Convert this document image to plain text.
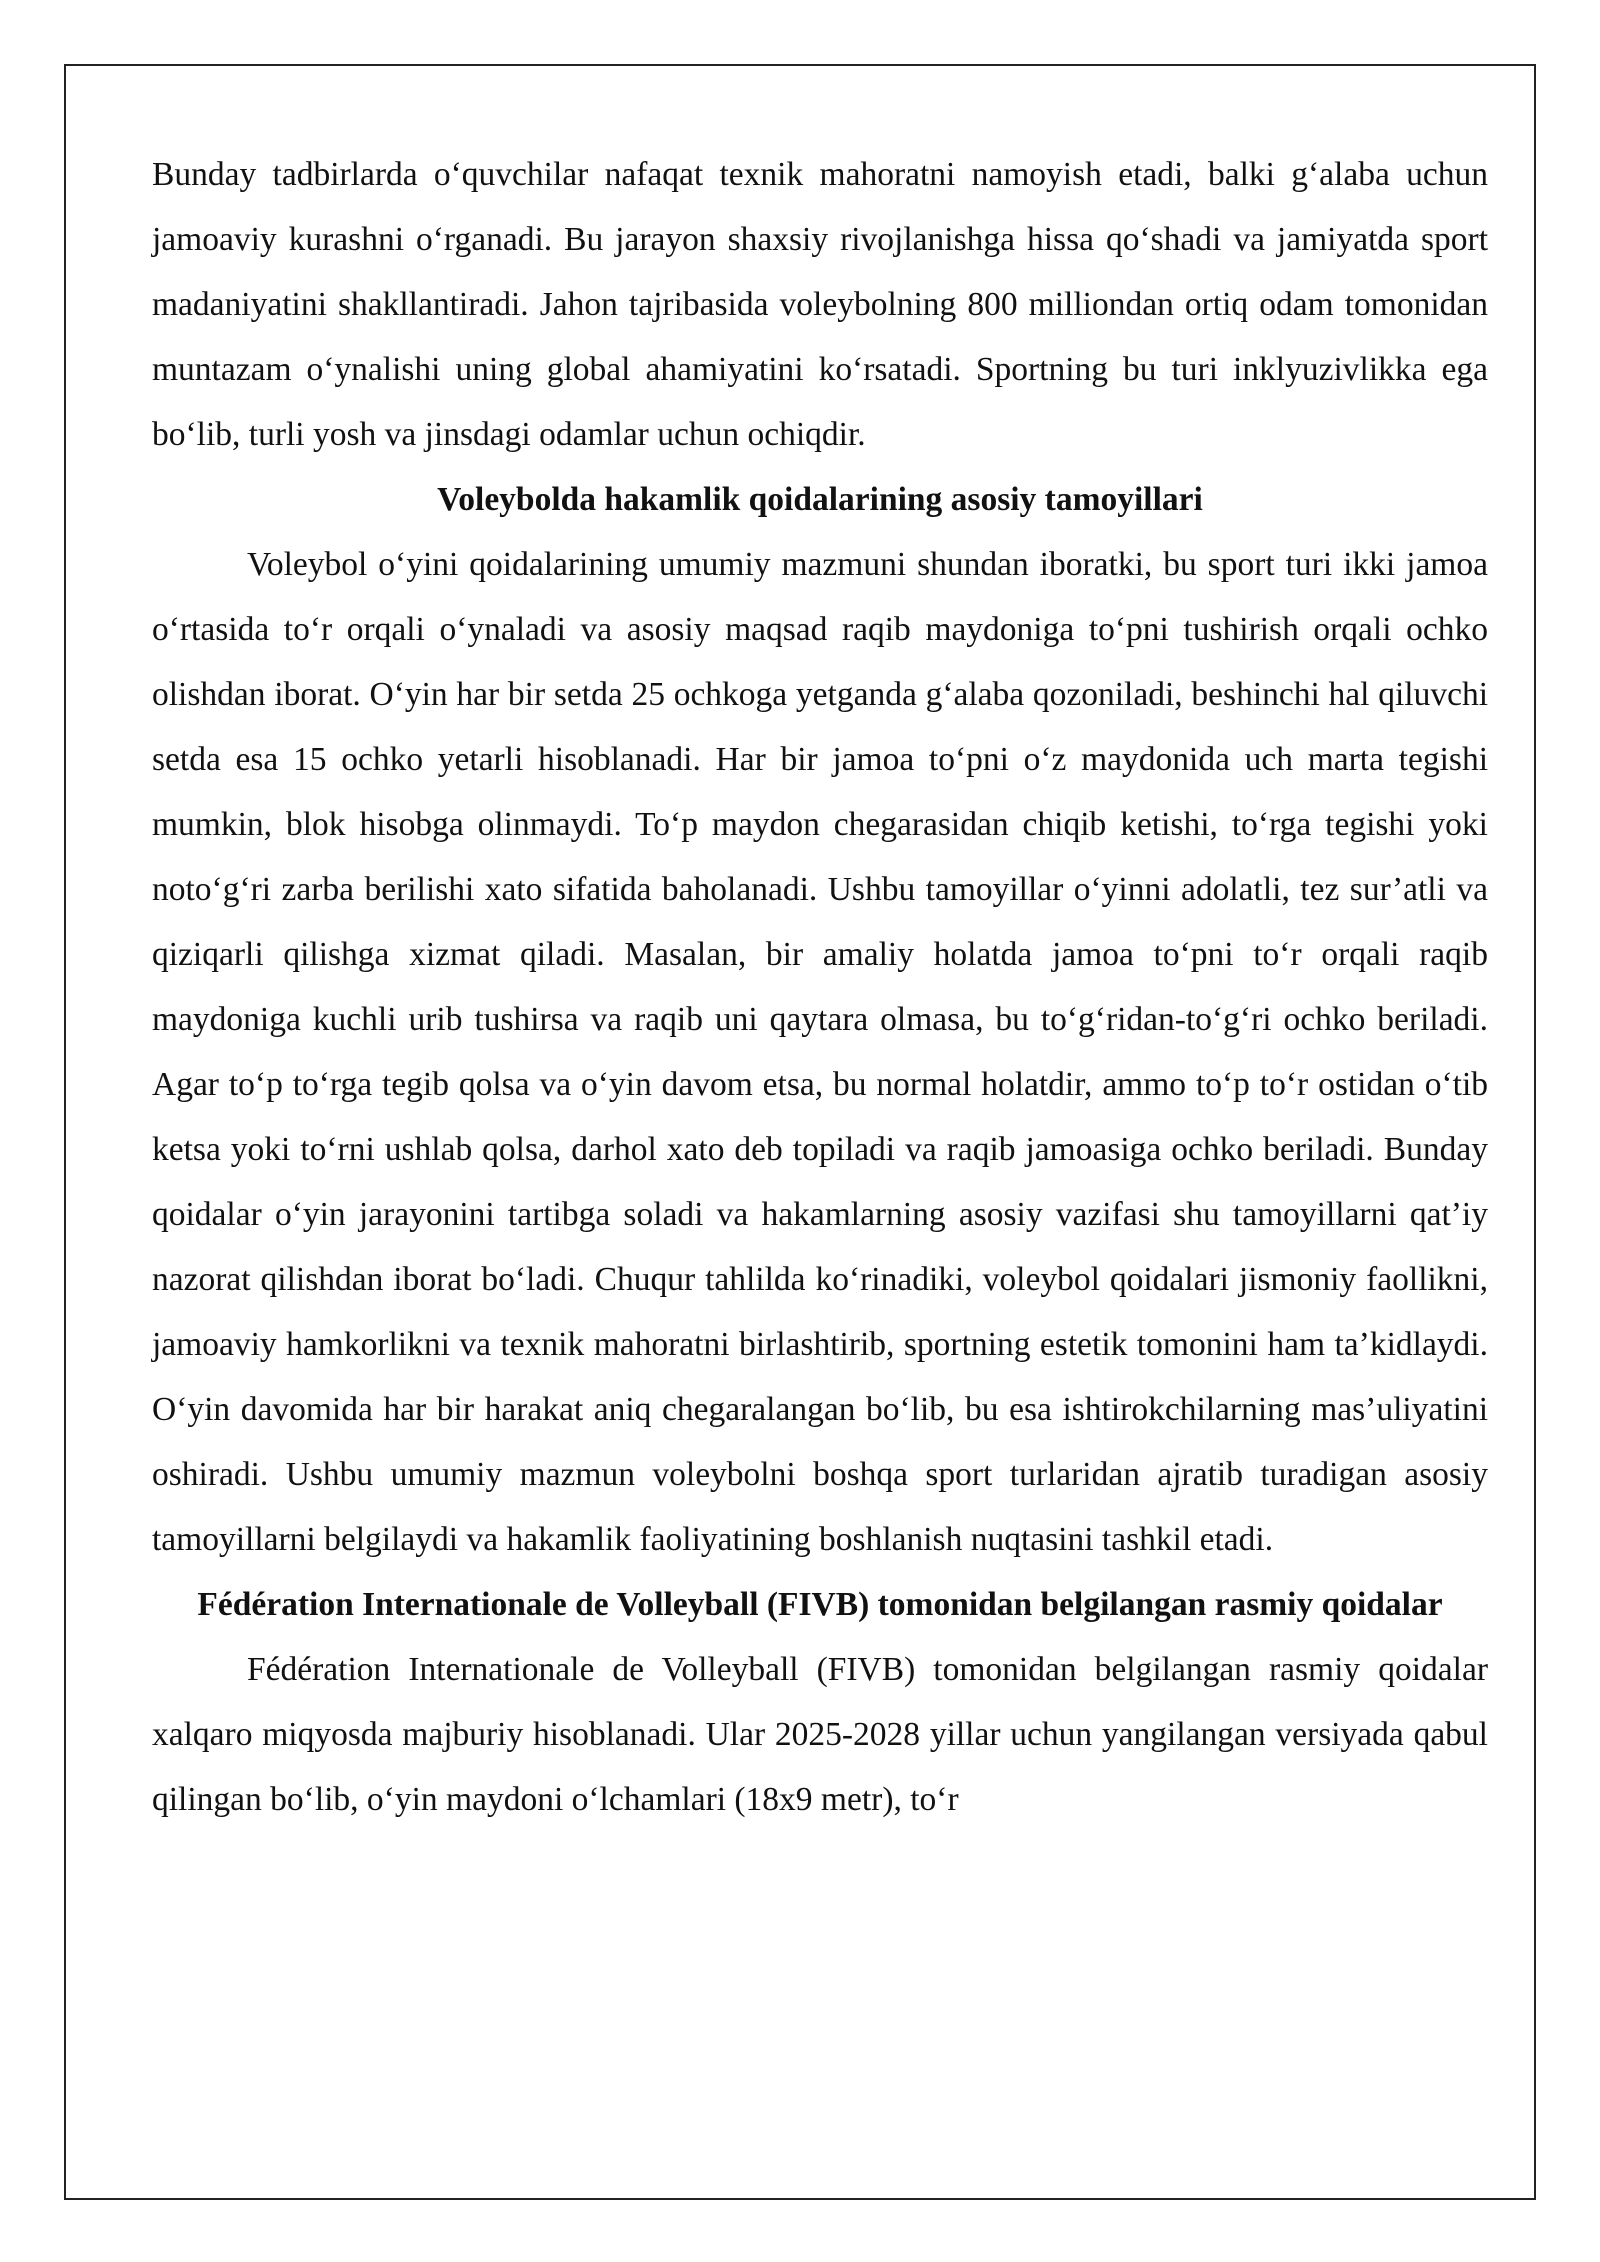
Bunday tadbirlarda o‘quvchilar nafaqat texnik mahoratni namoyish etadi, balki g‘alaba uchun jamoaviy kurashni o‘rganadi. Bu jarayon shaxsiy rivojlanishga hissa qo‘shadi va jamiyatda sport madaniyatini shakllantiradi. Jahon tajribasida voleybolning 800 milliondan ortiq odam tomonidan muntazam o‘ynalishi uning global ahamiyatini ko‘rsatadi. Sportning bu turi inklyuzivlikka ega bo‘lib, turli yosh va jinsdagi odamlar uchun ochiqdir.

Voleybolda hakamlik qoidalarining asosiy tamoyillari

Voleybol o‘yini qoidalarining umumiy mazmuni shundan iboratki, bu sport turi ikki jamoa o‘rtasida to‘r orqali o‘ynaladi va asosiy maqsad raqib maydoniga to‘pni tushirish orqali ochko olishdan iborat. O‘yin har bir setda 25 ochkoga yetganda g‘alaba qozoniladi, beshinchi hal qiluvchi setda esa 15 ochko yetarli hisoblanadi. Har bir jamoa to‘pni o‘z maydonida uch marta tegishi mumkin, blok hisobga olinmaydi. To‘p maydon chegarasidan chiqib ketishi, to‘rga tegishi yoki noto‘g‘ri zarba berilishi xato sifatida baholanadi. Ushbu tamoyillar o‘yinni adolatli, tez sur’atli va qiziqarli qilishga xizmat qiladi. Masalan, bir amaliy holatda jamoa to‘pni to‘r orqali raqib maydoniga kuchli urib tushirsa va raqib uni qaytara olmasa, bu to‘g‘ridan-to‘g‘ri ochko beriladi. Agar to‘p to‘rga tegib qolsa va o‘yin davom etsa, bu normal holatdir, ammo to‘p to‘r ostidan o‘tib ketsa yoki to‘rni ushlab qolsa, darhol xato deb topiladi va raqib jamoasiga ochko beriladi. Bunday qoidalar o‘yin jarayonini tartibga soladi va hakamlarning asosiy vazifasi shu tamoyillarni qat’iy nazorat qilishdan iborat bo‘ladi. Chuqur tahlilda ko‘rinadiki, voleybol qoidalari jismoniy faollikni, jamoaviy hamkorlikni va texnik mahoratni birlashtirib, sportning estetik tomonini ham ta’kidlaydi. O‘yin davomida har bir harakat aniq chegaralangan bo‘lib, bu esa ishtirokchilarning mas’uliyatini oshiradi. Ushbu umumiy mazmun voleybolni boshqa sport turlaridan ajratib turadigan asosiy tamoyillarni belgilaydi va hakamlik faoliyatining boshlanish nuqtasini tashkil etadi.

Fédération Internationale de Volleyball (FIVB) tomonidan belgilangan rasmiy qoidalar

Fédération Internationale de Volleyball (FIVB) tomonidan belgilangan rasmiy qoidalar xalqaro miqyosda majburiy hisoblanadi. Ular 2025-2028 yillar uchun yangilangan versiyada qabul qilingan bo‘lib, o‘yin maydoni o‘lchamlari (18x9 metr), to‘r
